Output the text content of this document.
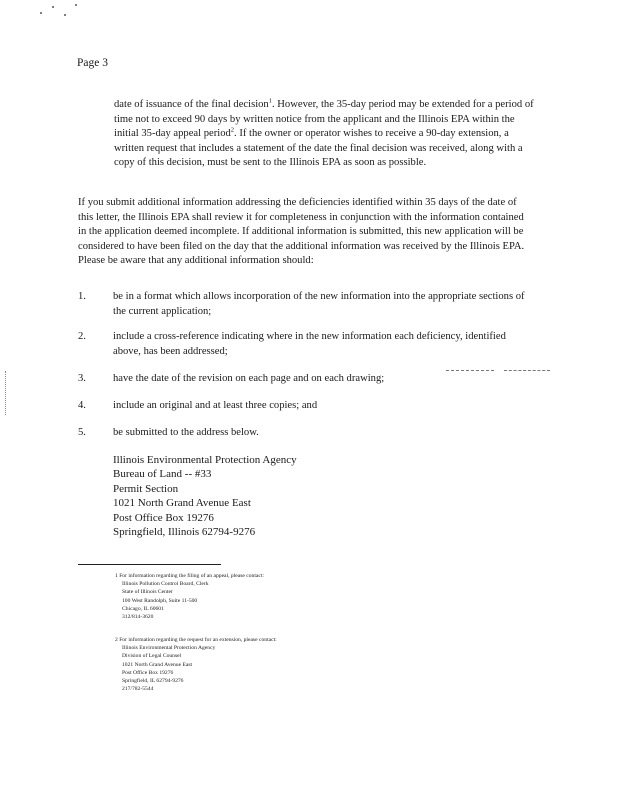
Page 3
date of issuance of the final decision$^1$. However, the 35-day period may be extended for a period of time not to exceed 90 days by written notice from the applicant and the Illinois EPA within the initial 35-day appeal period$^2$. If the owner or operator wishes to receive a 90-day extension, a written request that includes a statement of the date the final decision was received, along with a copy of this decision, must be sent to the Illinois EPA as soon as possible.
If you submit additional information addressing the deficiencies identified within 35 days of the date of this letter, the Illinois EPA shall review it for completeness in conjunction with the information contained in the application deemed incomplete. If additional information is submitted, this new application will be considered to have been filed on the day that the additional information was received by the Illinois EPA. Please be aware that any additional information should:
1.	be in a format which allows incorporation of the new information into the appropriate sections of the current application;
2.	include a cross-reference indicating where in the new information each deficiency, identified above, has been addressed;
3.	have the date of the revision on each page and on each drawing;
4.	include an original and at least three copies; and
5.	be submitted to the address below.
Illinois Environmental Protection Agency
Bureau of Land -- #33
Permit Section
1021 North Grand Avenue East
Post Office Box 19276
Springfield, Illinois 62794-9276
1 For information regarding the filing of an appeal, please contact:
Illinois Pollution Control Board, Clerk
State of Illinois Center
100 West Randolph, Suite 11-500
Chicago, IL 60601
312/814-3620
2 For information regarding the request for an extension, please contact:
Illinois Environmental Protection Agency
Division of Legal Counsel
1021 North Grand Avenue East
Post Office Box 19276
Springfield, IL 62794-9276
217/782-5544
